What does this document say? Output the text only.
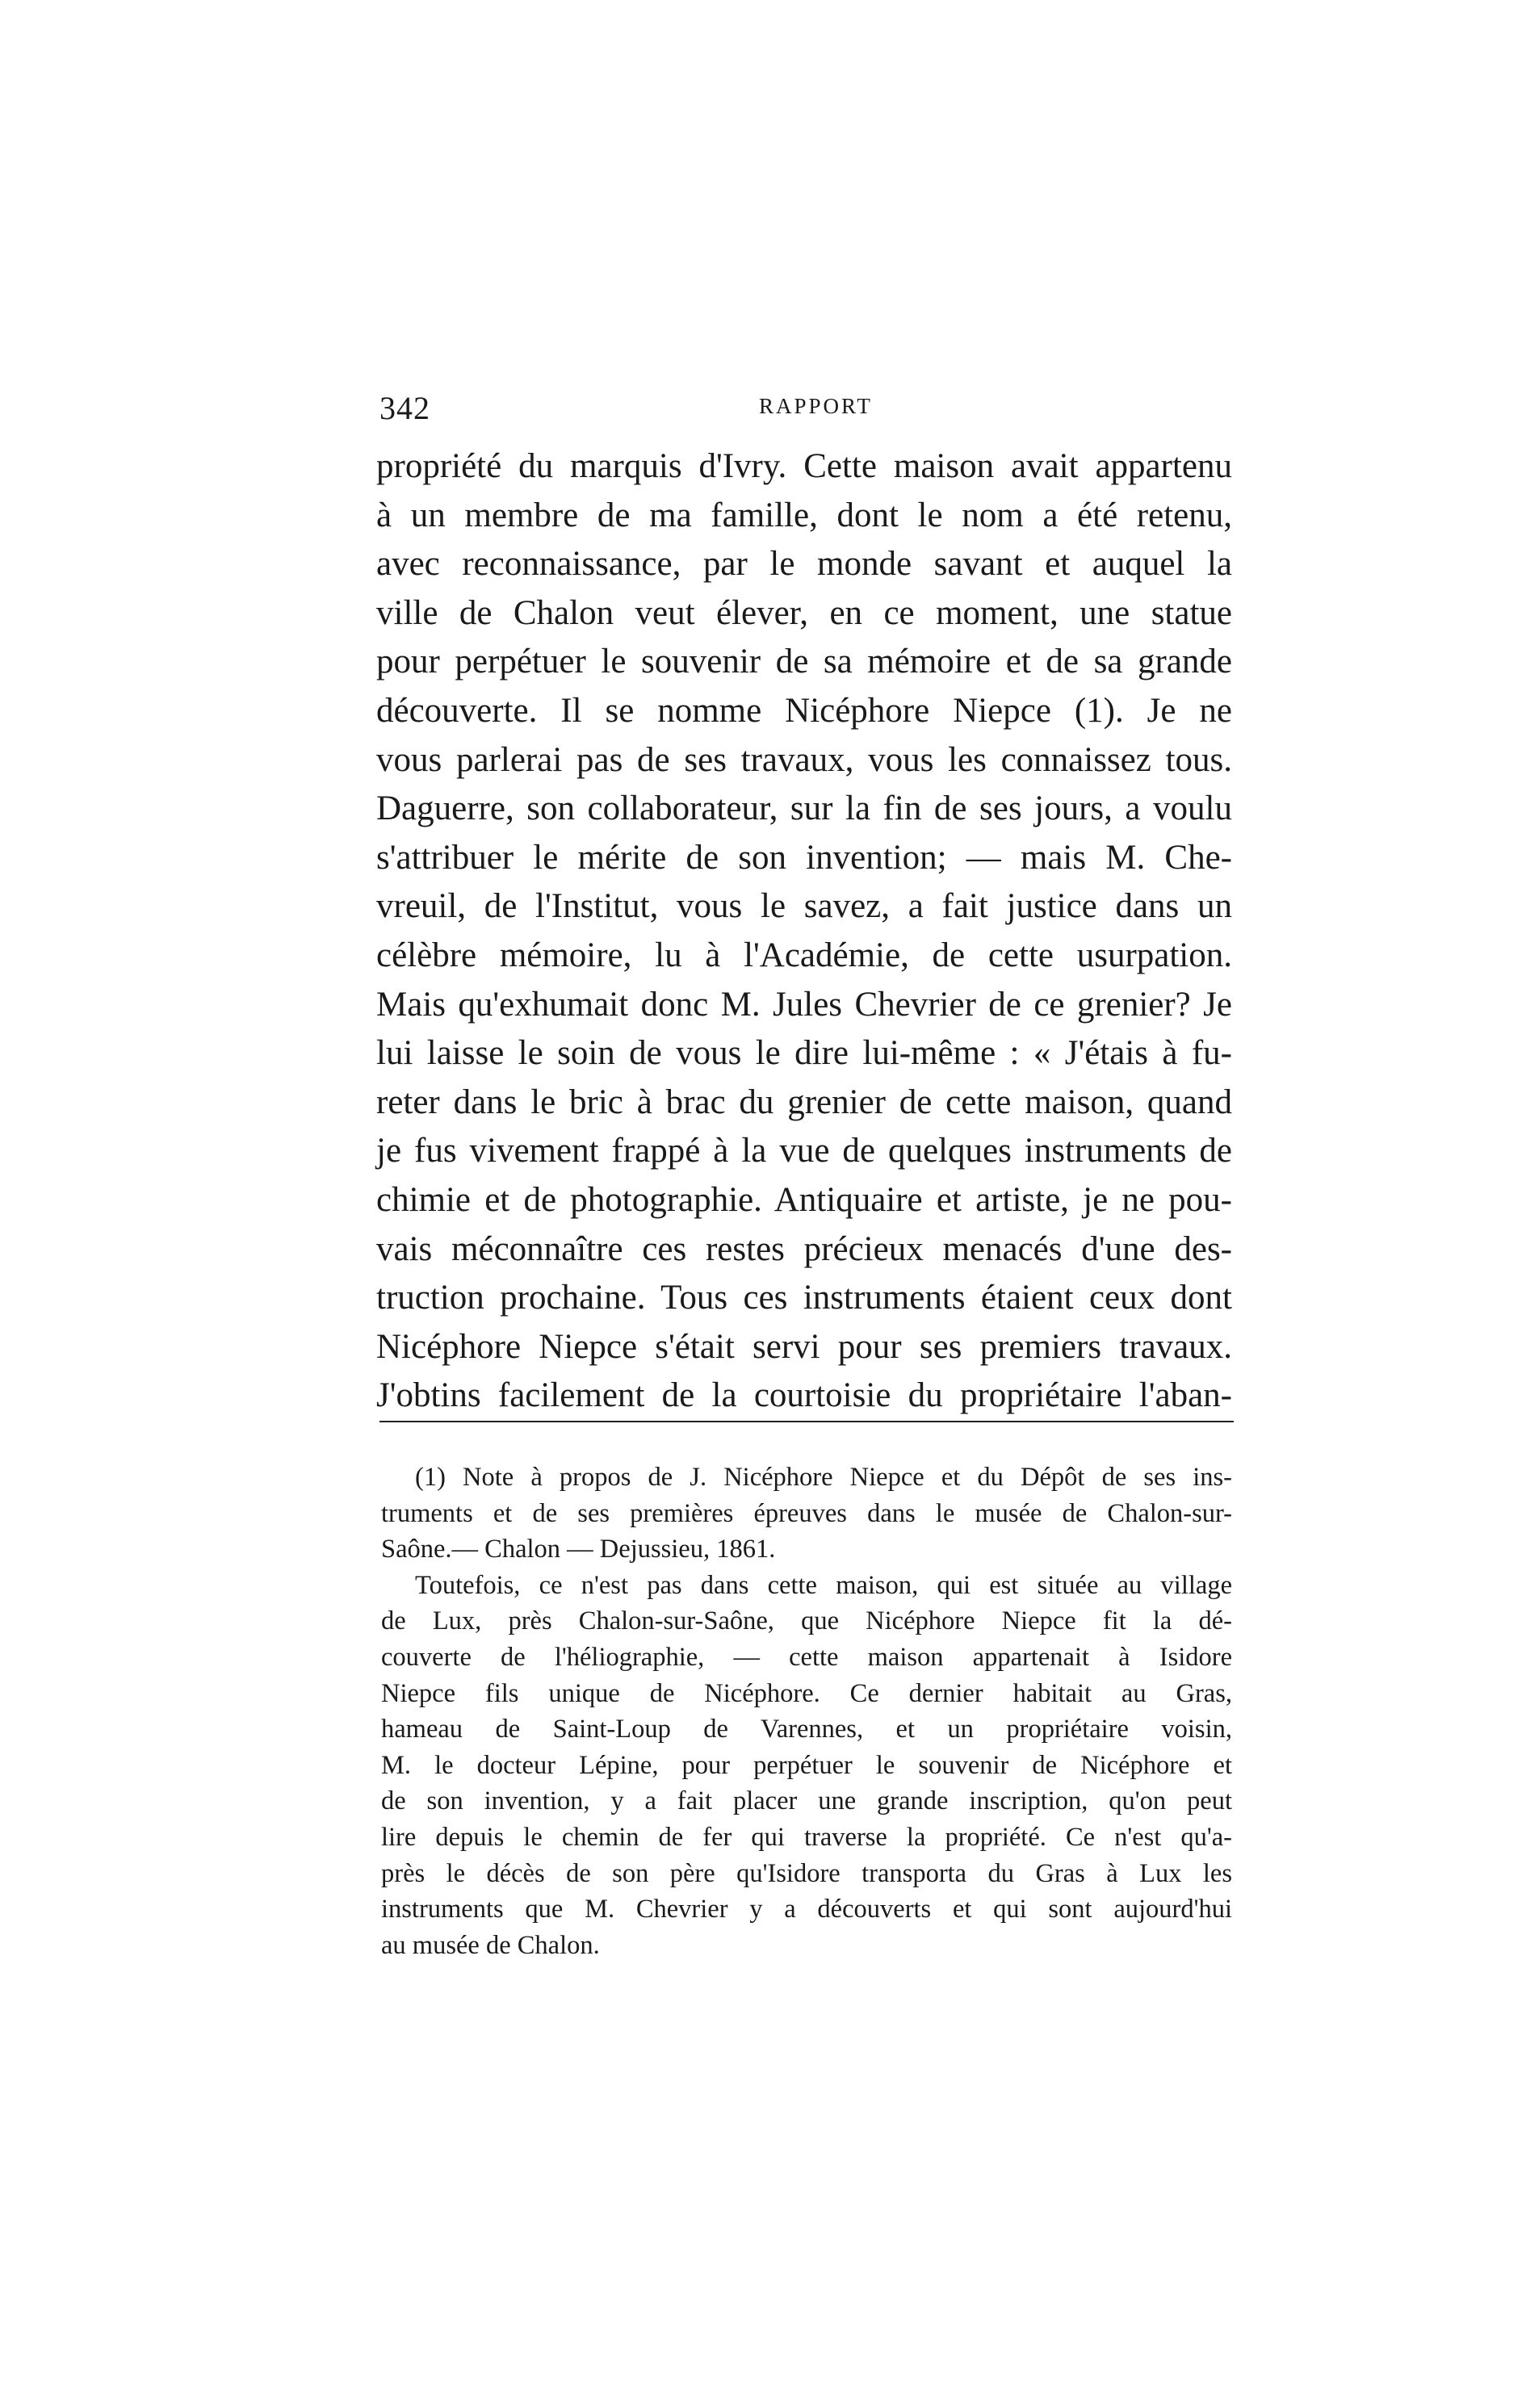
342	RAPPORT
propriété du marquis d'Ivry. Cette maison avait appartenu
à un membre de ma famille, dont le nom a été retenu,
avec reconnaissance, par le monde savant et auquel la
ville de Chalon veut élever, en ce moment, une statue
pour perpétuer le souvenir de sa mémoire et de sa grande
découverte. Il se nomme Nicéphore Niepce (1). Je ne
vous parlerai pas de ses travaux, vous les connaissez tous.
Daguerre, son collaborateur, sur la fin de ses jours, a voulu
s'attribuer le mérite de son invention; — mais M. Che-
vreuil, de l'Institut, vous le savez, a fait justice dans un
célèbre mémoire, lu à l'Académie, de cette usurpation.
Mais qu'exhumait donc M. Jules Chevrier de ce grenier? Je
lui laisse le soin de vous le dire lui-même : « J'étais à fu-
reter dans le bric à brac du grenier de cette maison, quand
je fus vivement frappé à la vue de quelques instruments de
chimie et de photographie. Antiquaire et artiste, je ne pou-
vais méconnaître ces restes précieux menacés d'une des-
truction prochaine. Tous ces instruments étaient ceux dont
Nicéphore Niepce s'était servi pour ses premiers travaux.
J'obtins facilement de la courtoisie du propriétaire l'aban-
(1) Note à propos de J. Nicéphore Niepce et du Dépôt de ses ins-
truments et de ses premières épreuves dans le musée de Chalon-sur-
Saône.— Chalon — Dejussieu, 1861.
Toutefois, ce n'est pas dans cette maison, qui est située au village
de Lux, près Chalon-sur-Saône, que Nicéphore Niepce fit la dé-
couverte de l'héliographie, — cette maison appartenait à Isidore
Niepce fils unique de Nicéphore. Ce dernier habitait au Gras,
hameau de Saint-Loup de Varennes, et un propriétaire voisin,
M. le docteur Lépine, pour perpétuer le souvenir de Nicéphore et
de son invention, y a fait placer une grande inscription, qu'on peut
lire depuis le chemin de fer qui traverse la propriété. Ce n'est qu'a-
près le décès de son père qu'Isidore transporta du Gras à Lux les
instruments que M. Chevrier y a découverts et qui sont aujourd'hui
au musée de Chalon.
